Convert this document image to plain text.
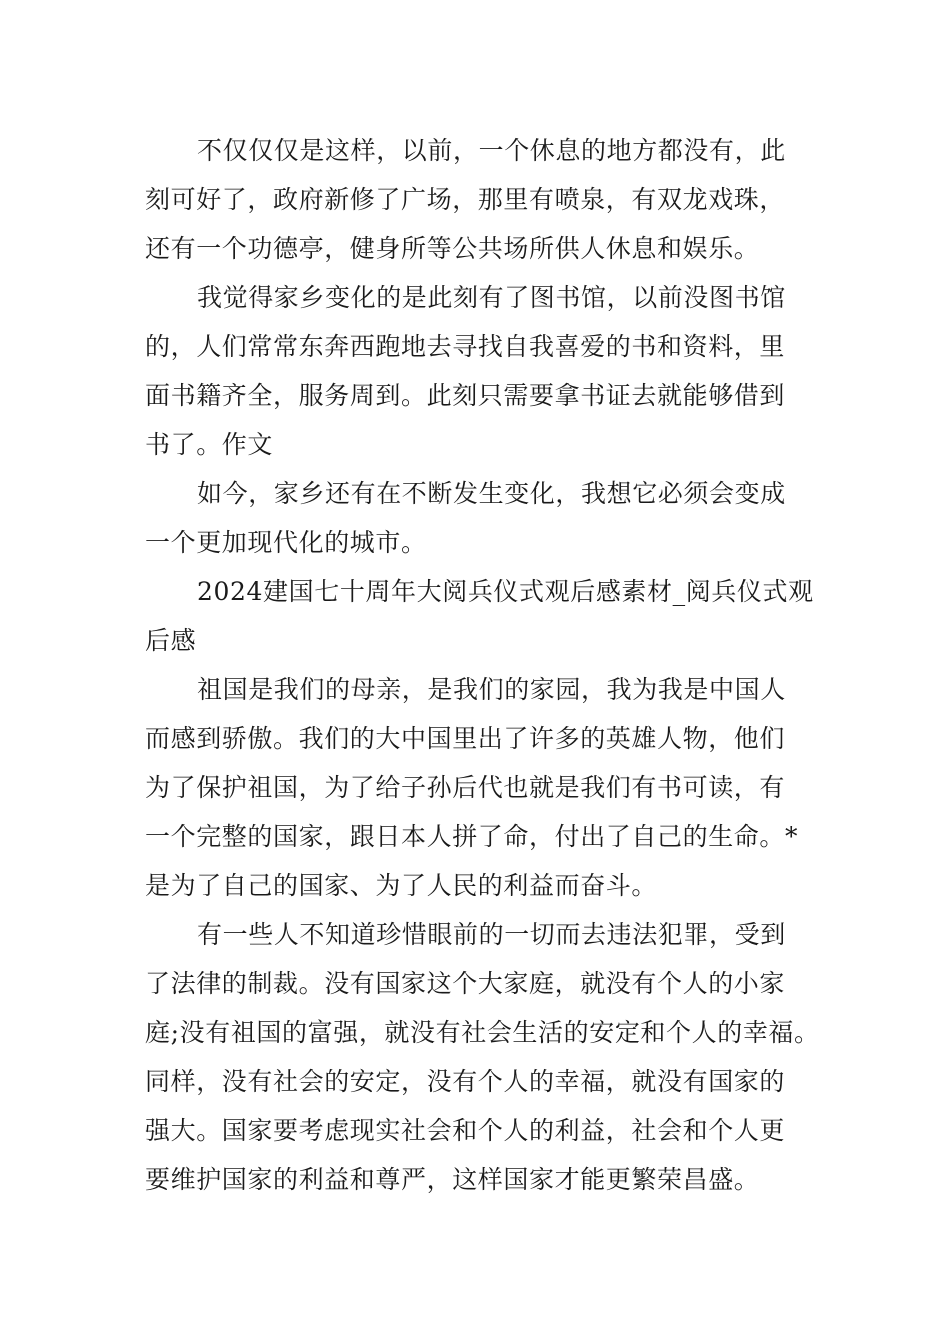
不仅仅仅是这样，以前，一个休息的地方都没有，此
刻可好了，政府新修了广场，那里有喷泉，有双龙戏珠，
还有一个功德亭，健身所等公共场所供人休息和娱乐。
我觉得家乡变化的是此刻有了图书馆，以前没图书馆
的，人们常常东奔西跑地去寻找自我喜爱的书和资料，里
面书籍齐全，服务周到。此刻只需要拿书证去就能够借到
书了。作文
如今，家乡还有在不断发生变化，我想它必须会变成
一个更加现代化的城市。
2024建国七十周年大阅兵仪式观后感素材_阅兵仪式观
后感
祖国是我们的母亲，是我们的家园，我为我是中国人
而感到骄傲。我们的大中国里出了许多的英雄人物，他们
为了保护祖国，为了给子孙后代也就是我们有书可读，有
一个完整的国家，跟日本人拼了命，付出了自己的生命。*
是为了自己的国家、为了人民的利益而奋斗。
有一些人不知道珍惜眼前的一切而去违法犯罪，受到
了法律的制裁。没有国家这个大家庭，就没有个人的小家
庭;没有祖国的富强，就没有社会生活的安定和个人的幸福。
同样，没有社会的安定，没有个人的幸福，就没有国家的
强大。国家要考虑现实社会和个人的利益，社会和个人更
要维护国家的利益和尊严，这样国家才能更繁荣昌盛。
